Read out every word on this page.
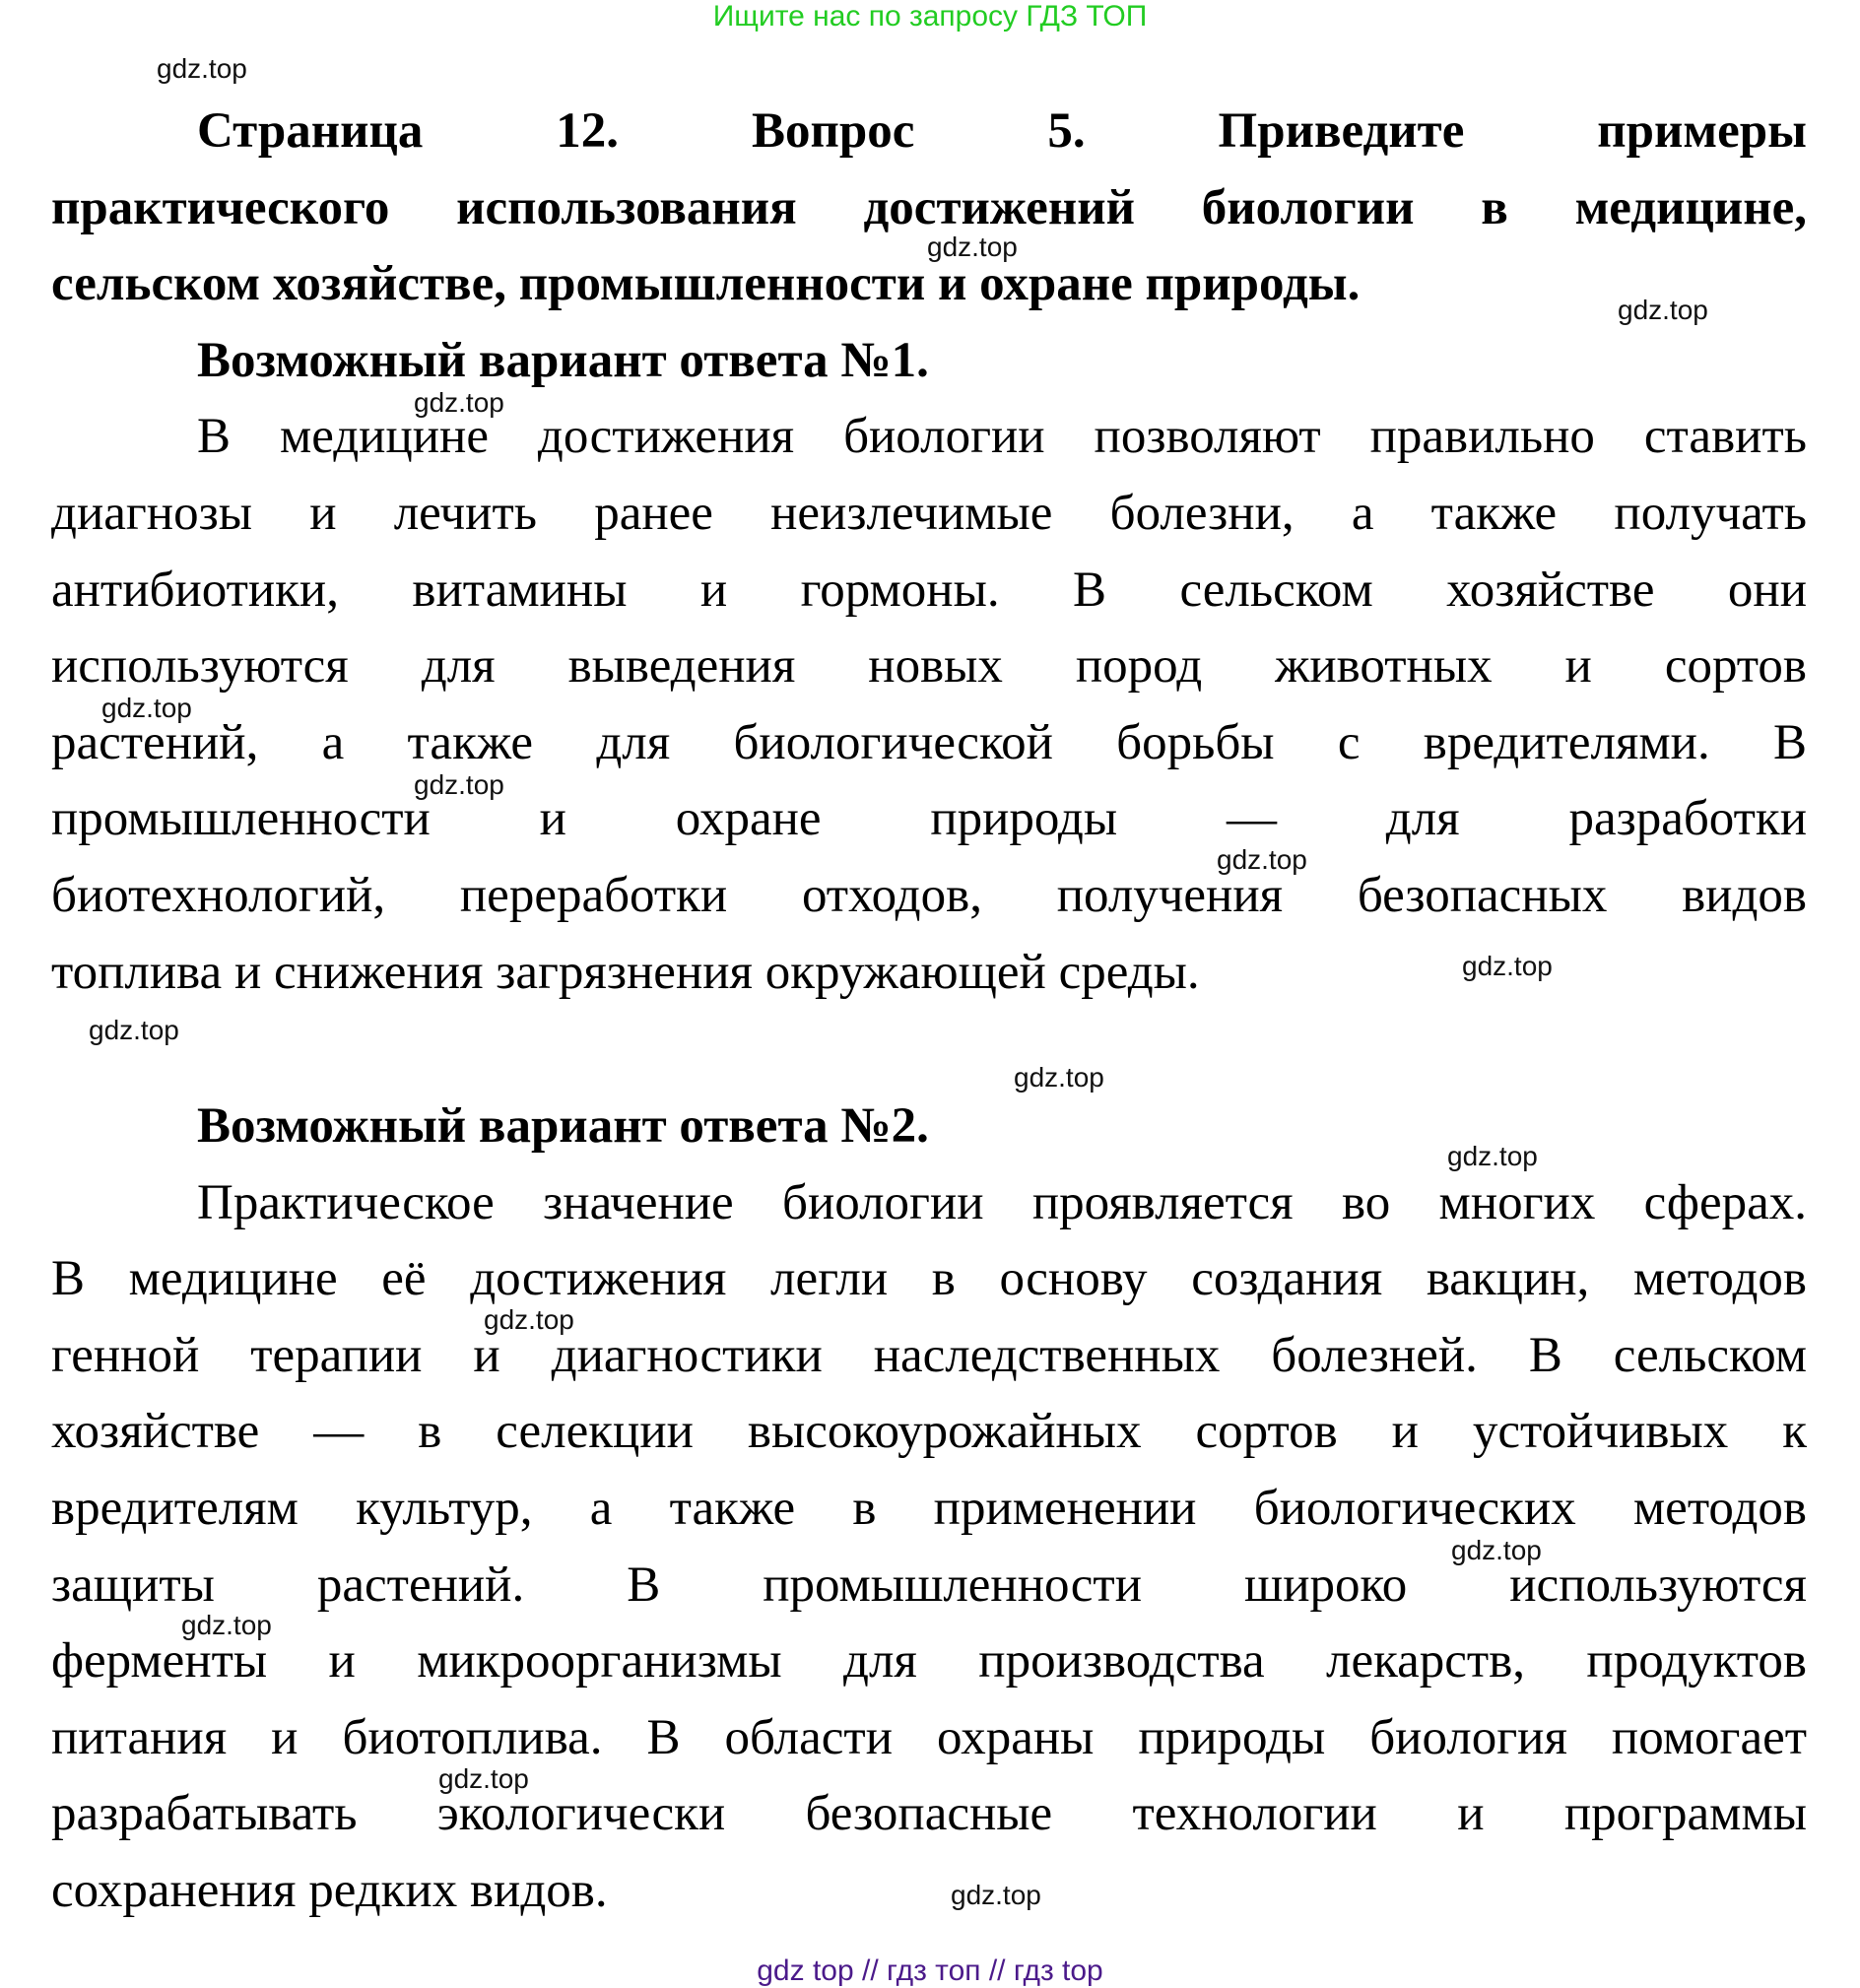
Ищите нас по запросу ГДЗ ТОП
Страница 12. Вопрос 5. Приведите примеры
практического использования достижений биологии в медицине,
сельском хозяйстве, промышленности и охране природы.
Возможный вариант ответа №1.
В медицине достижения биологии позволяют правильно ставить
диагнозы и лечить ранее неизлечимые болезни, а также получать
антибиотики, витамины и гормоны. В сельском хозяйстве они
используются для выведения новых пород животных и сортов
растений, а также для биологической борьбы с вредителями. В
промышленности и охране природы — для разработки
биотехнологий, переработки отходов, получения безопасных видов
топлива и снижения загрязнения окружающей среды.
Возможный вариант ответа №2.
Практическое значение биологии проявляется во многих сферах.
В медицине её достижения легли в основу создания вакцин, методов
генной терапии и диагностики наследственных болезней. В сельском
хозяйстве — в селекции высокоурожайных сортов и устойчивых к
вредителям культур, а также в применении биологических методов
защиты растений. В промышленности широко используются
ферменты и микроорганизмы для производства лекарств, продуктов
питания и биотоплива. В области охраны природы биология помогает
разрабатывать экологически безопасные технологии и программы
сохранения редких видов.
gdz.top
gdz.top
gdz.top
gdz.top
gdz.top
gdz.top
gdz.top
gdz.top
gdz.top
gdz.top
gdz.top
gdz.top
gdz.top
gdz.top
gdz.top
gdz.top
gdz top // гдз топ // гдз top
